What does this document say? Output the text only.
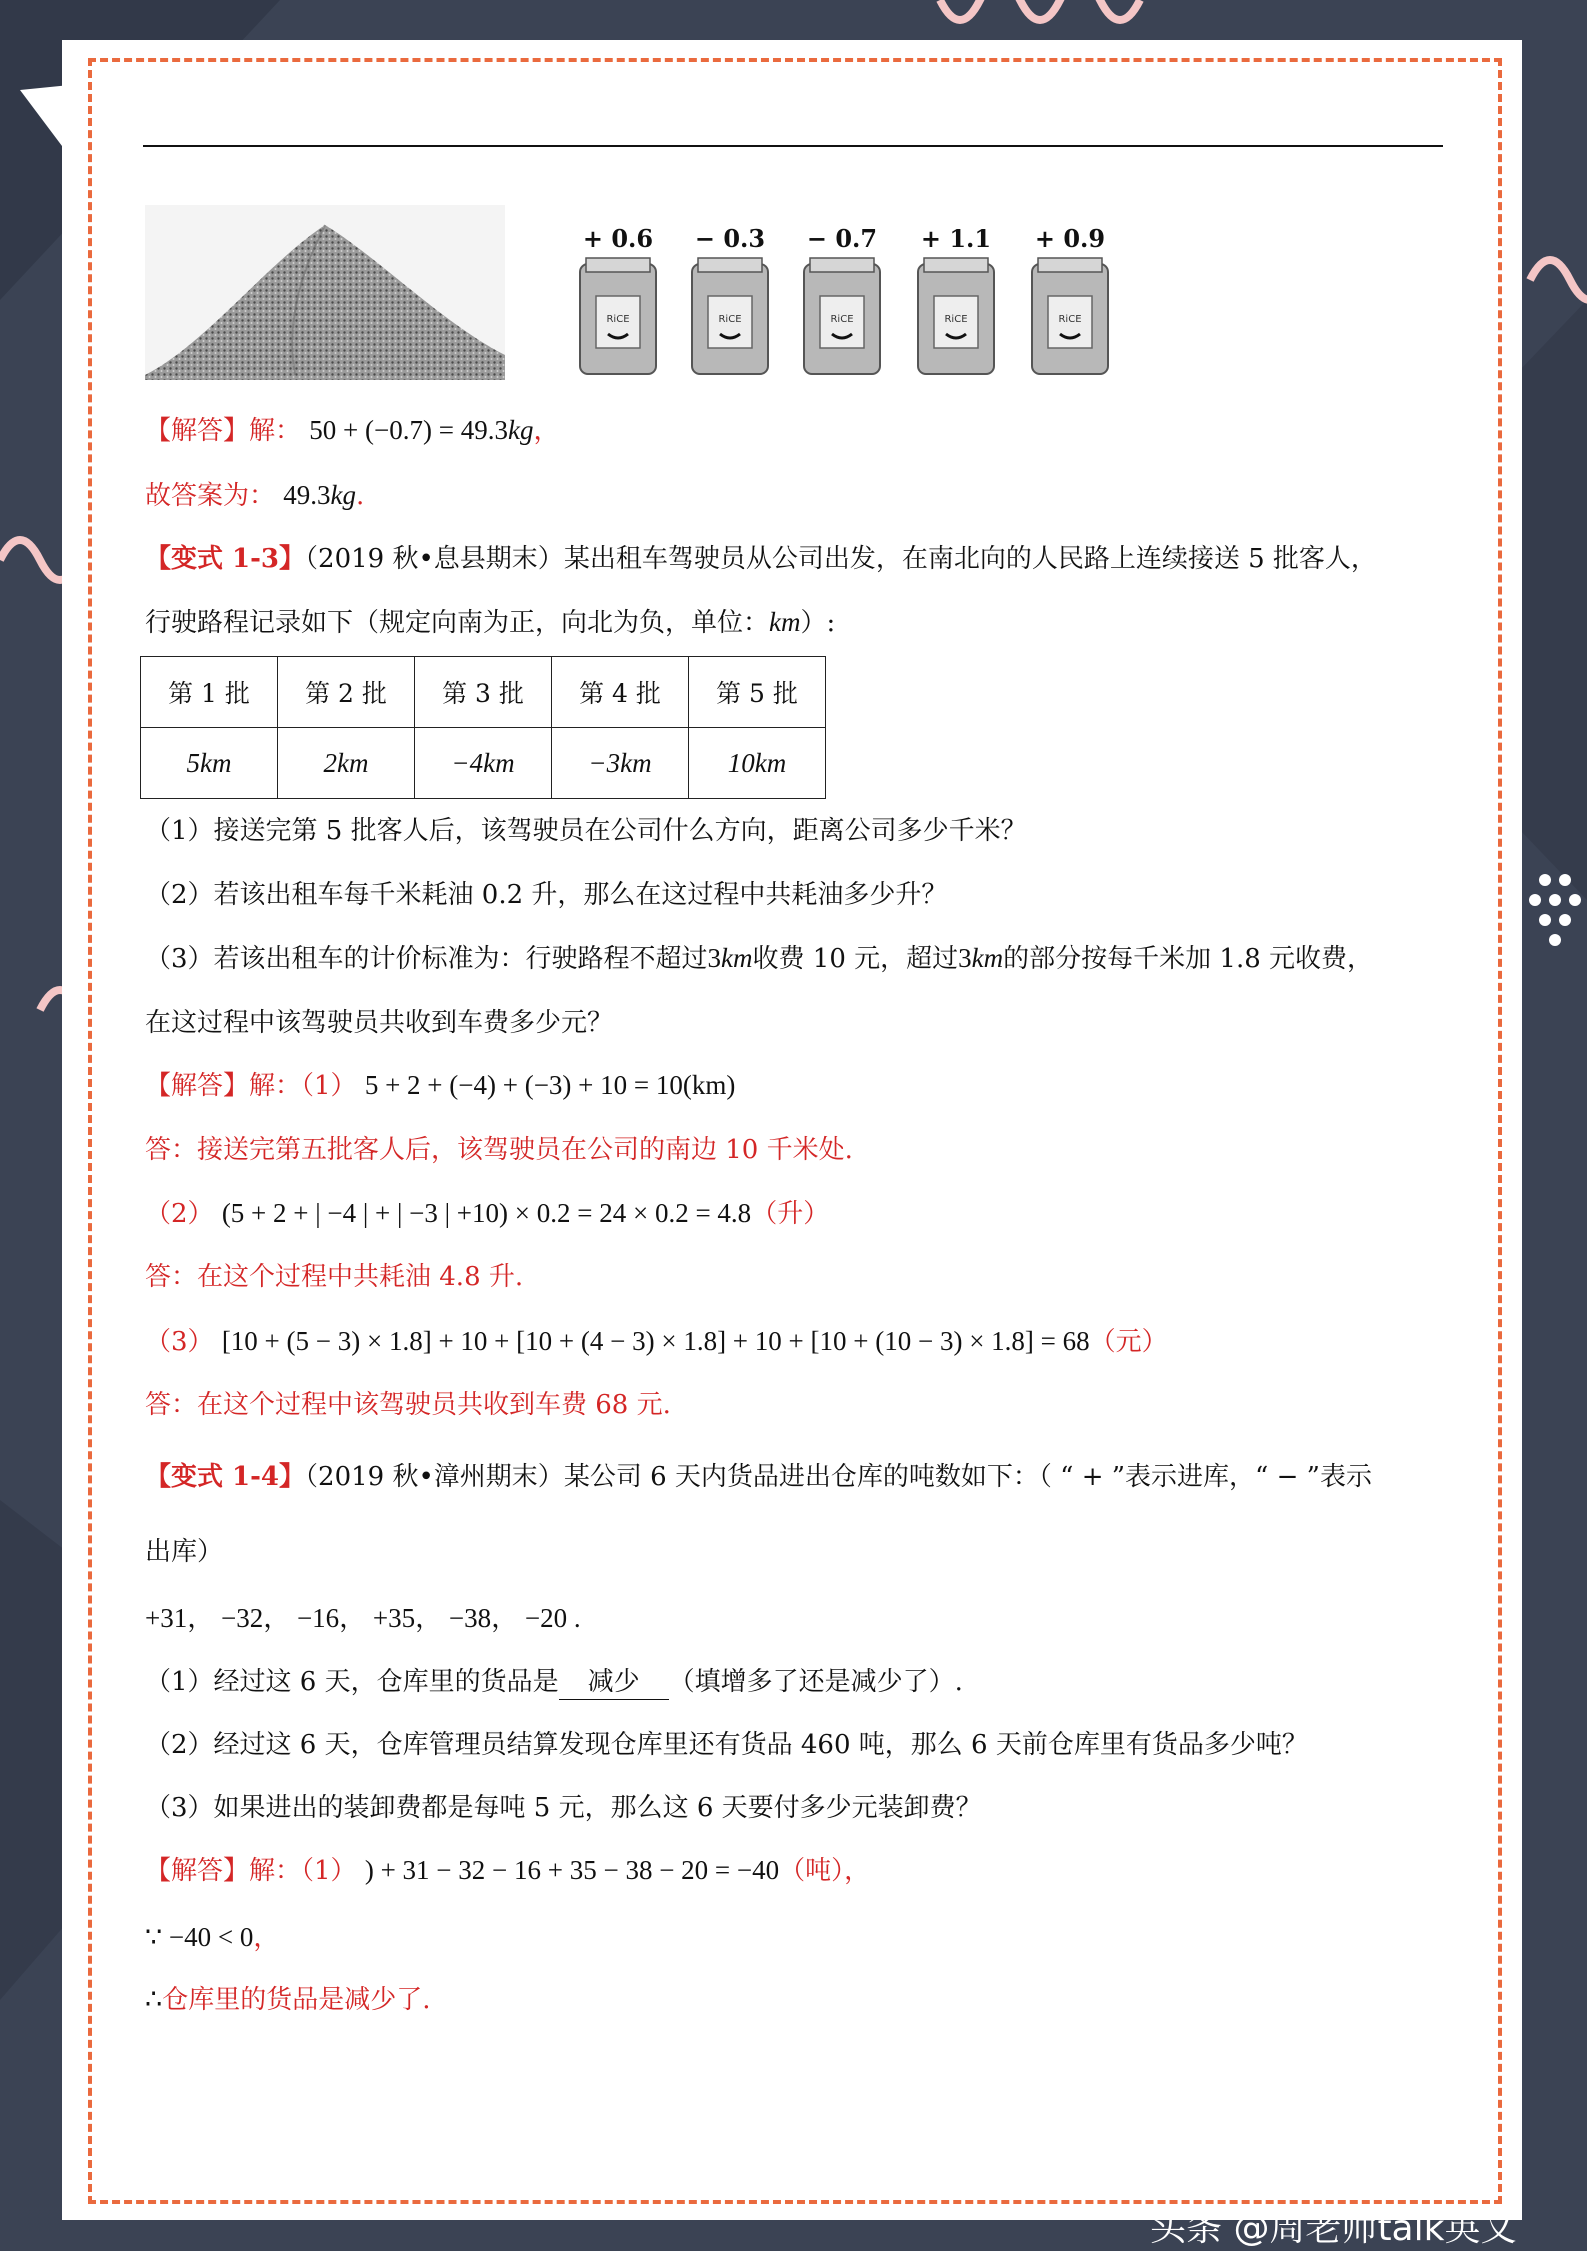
+ 0.6
RiCE
− 0.3
RiCE
− 0.7
RiCE
+ 1.1
RiCE
+ 0.9
RiCE
【解答】解： 50 + (−0.7) = 49.3kg，
故答案为： 49.3kg.
【变式 1-3】（2019 秋•息县期末）某出租车驾驶员从公司出发，在南北向的人民路上连续接送 5 批客人，
行驶路程记录如下（规定向南为正，向北为负，单位：km）:
第 1 批	第 2 批	第 3 批	第 4 批	第 5 批
5km	2km	−4km	−3km	10km
（1）接送完第 5 批客人后，该驾驶员在公司什么方向，距离公司多少千米？
（2）若该出租车每千米耗油 0.2 升，那么在这过程中共耗油多少升？
（3）若该出租车的计价标准为：行驶路程不超过3km收费 10 元，超过3km的部分按每千米加 1.8 元收费，
在这过程中该驾驶员共收到车费多少元？
【解答】解：（1） 5 + 2 + (−4) + (−3) + 10 = 10(km)
答：接送完第五批客人后，该驾驶员在公司的南边 10 千米处.
（2） (5 + 2 + | −4 | + | −3 | +10) × 0.2 = 24 × 0.2 = 4.8（升）
答：在这个过程中共耗油 4.8 升.
（3） [10 + (5 − 3) × 1.8] + 10 + [10 + (4 − 3) × 1.8] + 10 + [10 + (10 − 3) × 1.8] = 68（元）
答：在这个过程中该驾驶员共收到车费 68 元.
【变式 1-4】（2019 秋•漳州期末）某公司 6 天内货品进出仓库的吨数如下：（ “ + ”表示进库，“ − ”表示
出库）
+31， −32， −16， +35， −38， −20 .
（1）经过这 6 天，仓库里的货品是 减少 （填增多了还是减少了）.
（2）经过这 6 天，仓库管理员结算发现仓库里还有货品 460 吨，那么 6 天前仓库里有货品多少吨？
（3）如果进出的装卸费都是每吨 5 元，那么这 6 天要付多少元装卸费？
【解答】解：（1） ) + 31 − 32 − 16 + 35 − 38 − 20 = −40（吨），
∵ −40 < 0，
∴仓库里的货品是减少了.
头条 @周老师talk英文
